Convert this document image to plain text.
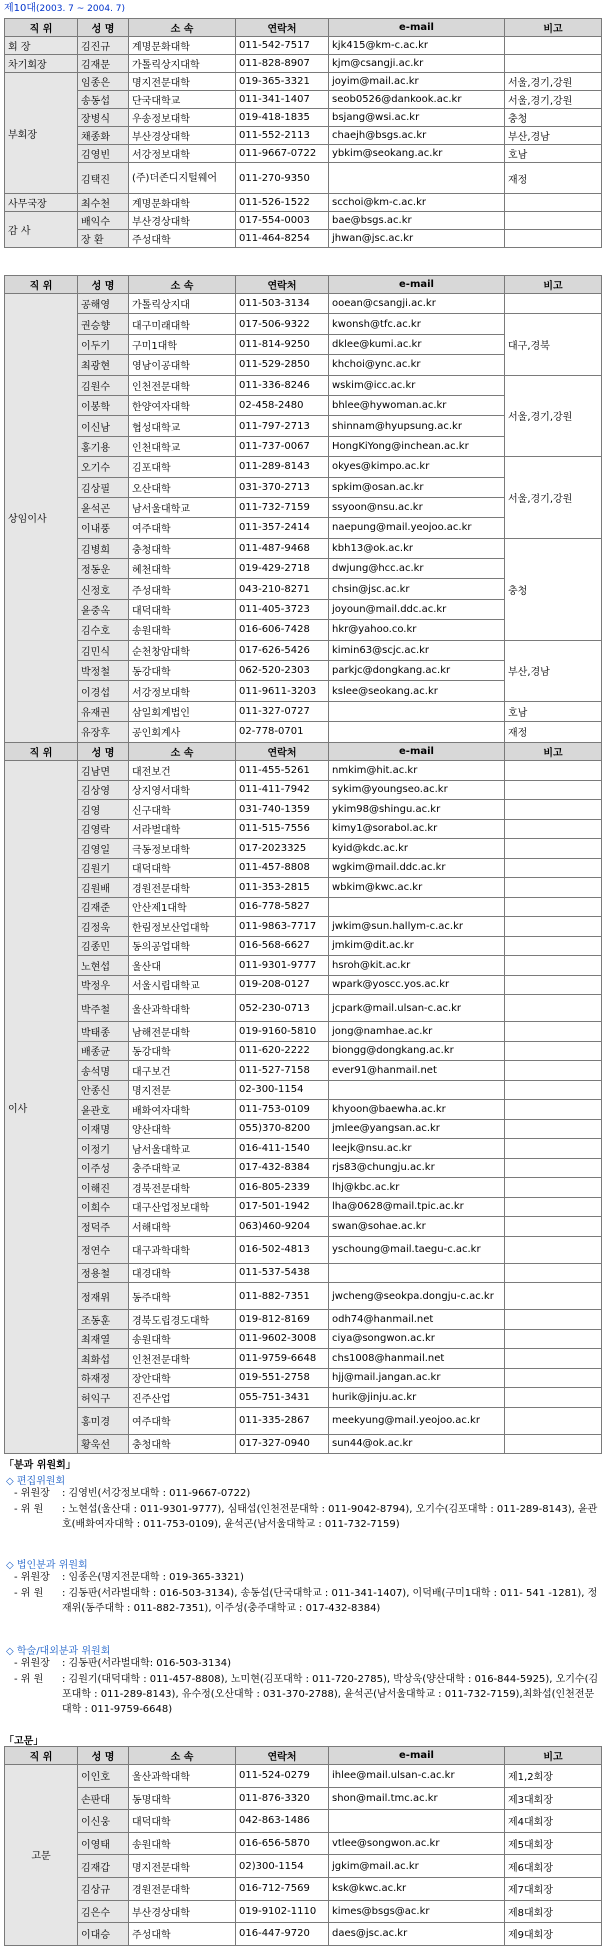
제10대(2003. 7 ~ 2004. 7)
직 위	성 명	소 속	연락처	e-mail	비고
회 장	김진규	계명문화대학	011-542-7517	kjk415@km-c.ac.kr	
차기회장	김재문	가톨릭상지대학	011-828-8907	kjm@csangji.ac.kr	
부회장	임종은	명지전문대학	019-365-3321	joyim@mail.ac.kr	서울,경기,강원
	송동섭	단국대학교	011-341-1407	seob0526@dankook.ac.kr	서울,경기,강원
	장병식	우송정보대학	019-418-1835	bsjang@wsi.ac.kr	충청
	채종화	부산경상대학	011-552-2113	chaejh@bsgs.ac.kr	부산,경남
	김영빈	서강정보대학	011-9667-0722	ybkim@seokang.ac.kr	호남
	김택진	(주)더존디지털웨어	011-270-9350		재정
사무국장	최수천	계명문화대학	011-526-1522	scchoi@km-c.ac.kr	
감 사	배익수	부산경상대학	017-554-0003	bae@bsgs.ac.kr	
	장 환	주성대학	011-464-8254	jhwan@jsc.ac.kr	
직 위	성 명	소 속	연락처	e-mail	비고
상임이사	공해영	가톨릭상지대	011-503-3134	ooean@csangji.ac.kr	
	권승향	대구미래대학	017-506-9322	kwonsh@tfc.ac.kr	대구,경북
	이두기	구미1대학	011-814-9250	dklee@kumi.ac.kr	
	최광현	영남이공대학	011-529-2850	khchoi@ync.ac.kr	
	김원수	인천전문대학	011-336-8246	wskim@icc.ac.kr	서울,경기,강원
	이봉학	한양여자대학	02-458-2480	bhlee@hywoman.ac.kr	
	이신남	협성대학교	011-797-2713	shinnam@hyupsung.ac.kr	
	홍기용	인천대학교	011-737-0067	HongKiYong@inchean.ac.kr	
	오기수	김포대학	011-289-8143	okyes@kimpo.ac.kr	서울,경기,강원
	김상필	오산대학	031-370-2713	spkim@osan.ac.kr	
	윤석곤	남서울대학교	011-732-7159	ssyoon@nsu.ac.kr	
	이내풍	여주대학	011-357-2414	naepung@mail.yeojoo.ac.kr	
	김병희	충청대학	011-487-9468	kbh13@ok.ac.kr	충청
	정동운	혜천대학	019-429-2718	dwjung@hcc.ac.kr	
	신정호	주성대학	043-210-8271	chsin@jsc.ac.kr	
	윤중옥	대덕대학	011-405-3723	joyoun@mail.ddc.ac.kr	
	김수호	송원대학	016-606-7428	hkr@yahoo.co.kr	
	김민식	순천창암대학	017-626-5426	kimin63@scjc.ac.kr	부산,경남
	박정철	동강대학	062-520-2303	parkjc@dongkang.ac.kr	
	이경섭	서강정보대학	011-9611-3203	kslee@seokang.ac.kr	
	유재권	삼일회계법인	011-327-0727		호남
	유장후	공인회계사	02-778-0701		재정
직 위	성 명	소 속	연락처	e-mail	비고
이사	김남면	대전보건	011-455-5261	nmkim@hit.ac.kr	
	김상영	상지영서대학	011-411-7942	sykim@youngseo.ac.kr	
	김영	신구대학	031-740-1359	ykim98@shingu.ac.kr	
	김영락	서라벌대학	011-515-7556	kimy1@sorabol.ac.kr	
	김영일	극동정보대학	017-2023325	kyid@kdc.ac.kr	
	김원기	대덕대학	011-457-8808	wgkim@mail.ddc.ac.kr	
	김원배	경원전문대학	011-353-2815	wbkim@kwc.ac.kr	
	김재준	안산제1대학	016-778-5827		
	김정욱	한림정보산업대학	011-9863-7717	jwkim@sun.hallym-c.ac.kr	
	김종민	동의공업대학	016-568-6627	jmkim@dit.ac.kr	
	노현섭	울산대	011-9301-9777	hsroh@kit.ac.kr	
	박정우	서울시립대학교	019-208-0127	wpark@yoscc.yos.ac.kr	
	박주철	울산과학대학	052-230-0713	jcpark@mail.ulsan-c.ac.kr	
	박태종	남해전문대학	019-9160-5810	jong@namhae.ac.kr	
	배종균	동강대학	011-620-2222	biongg@dongkang.ac.kr	
	송석명	대구보건	011-527-7158	ever91@hanmail.net	
	안종신	명지전문	02-300-1154		
	윤관호	배화여자대학	011-753-0109	khyoon@baewha.ac.kr	
	이재명	양산대학	055)370-8200	jmlee@yangsan.ac.kr	
	이정기	남서울대학교	016-411-1540	leejk@nsu.ac.kr	
	이주성	충주대학교	017-432-8384	rjs83@chungju.ac.kr	
	이해진	경북전문대학	016-805-2339	lhj@kbc.ac.kr	
	이희수	대구산업정보대학	017-501-1942	lha@0628@mail.tpic.ac.kr	
	정덕주	서해대학	063)460-9204	swan@sohae.ac.kr	
	정연수	대구과학대학	016-502-4813	yschoung@mail.taegu-c.ac.kr	
	정용철	대경대학	011-537-5438		
	정재위	동주대학	011-882-7351	jwcheng@seokpa.dongju-c.ac.kr	
	조동훈	경북도립경도대학	019-812-8169	odh74@hanmail.net	
	최재열	송원대학	011-9602-3008	ciya@songwon.ac.kr	
	최화섭	인천전문대학	011-9759-6648	chs1008@hanmail.net	
	하재정	장안대학	019-551-2758	hjj@mail.jangan.ac.kr	
	허익구	진주산업	055-751-3431	hurik@jinju.ac.kr	
	홍미경	여주대학	011-335-2867	meekyung@mail.yeojoo.ac.kr	
	황욱선	충청대학	017-327-0940	sun44@ok.ac.kr	
「분과 위원회」
◇ 편집위원회
- 위원장 : 김영빈(서강정보대학 : 011-9667-0722)
- 위 원 : 노현섭(울산대 : 011-9301-9777), 심태섭(인천전문대학 : 011-9042-8794), 오기수(김포대학 : 011-289-8143), 윤관호(배화여자대학 : 011-753-0109), 윤석곤(남서울대학교 : 011-732-7159)
◇ 법인분과 위원회
- 위원장 : 임종은(명지전문대학 : 019-365-3321)
- 위 원 : 김동판(서라벌대학 : 016-503-3134), 송동섭(단국대학교 : 011-341-1407), 이덕배(구미1대학 : 011- 541 -1281), 정재위(동주대학 : 011-882-7351), 이주성(충주대학교 : 017-432-8384)
◇ 학술/대외분과 위원회
- 위원장 : 김동판(서라벌대학: 016-503-3134)
- 위 원 : 김원기(대덕대학 : 011-457-8808), 노미현(김포대학 : 011-720-2785), 박상욱(양산대학 : 016-844-5925), 오기수(김포대학 : 011-289-8143), 유수정(오산대학 : 031-370-2788), 윤석곤(남서울대학교 : 011-732-7159),최화섭(인천전문대학 : 011-9759-6648)
「고문」
직 위	성 명	소 속	연락처	e-mail	비고
고문	이인호	울산과학대학	011-524-0279	ihlee@mail.ulsan-c.ac.kr	제1,2회장
	손판대	동명대학	011-876-3320	shon@mail.tmc.ac.kr	제3대회장
	이신웅	대덕대학	042-863-1486		제4대회장
	이영태	송원대학	016-656-5870	vtlee@songwon.ac.kr	제5대회장
	김재갑	명지전문대학	02)300-1154	jgkim@mail.ac.kr	제6대회장
	김상규	경원전문대학	016-712-7569	ksk@kwc.ac.kr	제7대회장
	김은수	부산경상대학	019-9102-1110	kimes@bsgs@ac.kr	제8대회장
	이대승	주성대학	016-447-9720	daes@jsc.ac.kr	제9대회장
